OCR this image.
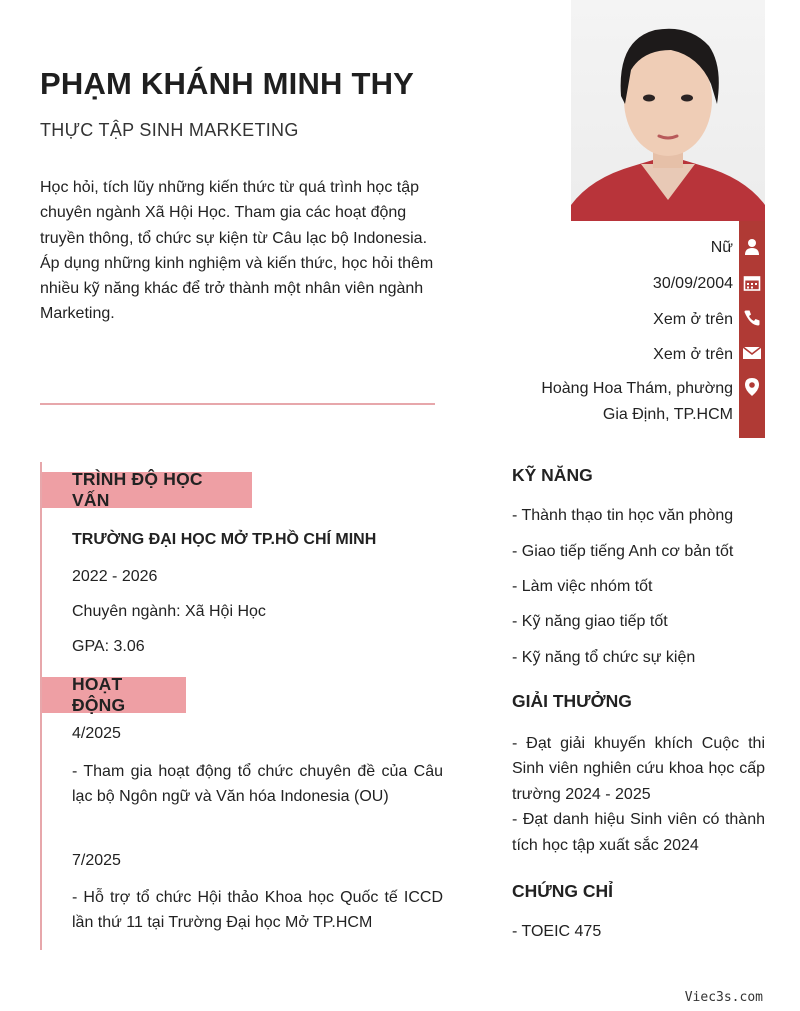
PHẠM KHÁNH MINH THY
THỰC TẬP SINH MARKETING

Học hỏi, tích lũy những kiến thức từ quá trình học tập chuyên ngành Xã Hội Học. Tham gia các hoạt động truyền thông, tổ chức sự kiện từ Câu lạc bộ Indonesia.

Áp dụng những kinh nghiệm và kiến thức, học hỏi thêm nhiều kỹ năng khác để trở thành một nhân viên ngành Marketing.

Nữ
30/09/2004
Xem ở trên
Xem ở trên
Hoàng Hoa Thám, phường
Gia Định, TP.HCM
TRÌNH ĐỘ HỌC VẤN
TRƯỜNG ĐẠI HỌC MỞ TP.HỒ CHÍ MINH
2022 - 2026
Chuyên ngành: Xã Hội Học
GPA: 3.06
HOẠT ĐỘNG
4/2025
- Tham gia hoạt động tổ chức chuyên đề của Câu lạc bộ Ngôn ngữ và Văn hóa Indonesia (OU)
7/2025
- Hỗ trợ tổ chức Hội thảo Khoa học Quốc tế ICCD lần thứ 11 tại Trường Đại học Mở TP.HCM
KỸ NĂNG
- Thành thạo tin học văn phòng
- Giao tiếp tiếng Anh cơ bản tốt
- Làm việc nhóm tốt
- Kỹ năng giao tiếp tốt
- Kỹ năng tổ chức sự kiện
GIẢI THƯỞNG

- Đạt giải khuyến khích Cuộc thi Sinh viên nghiên cứu khoa học cấp trường 2024 - 2025

- Đạt danh hiệu Sinh viên có thành tích học tập xuất sắc 2024

CHỨNG CHỈ
- TOEIC 475
Viec3s.com
